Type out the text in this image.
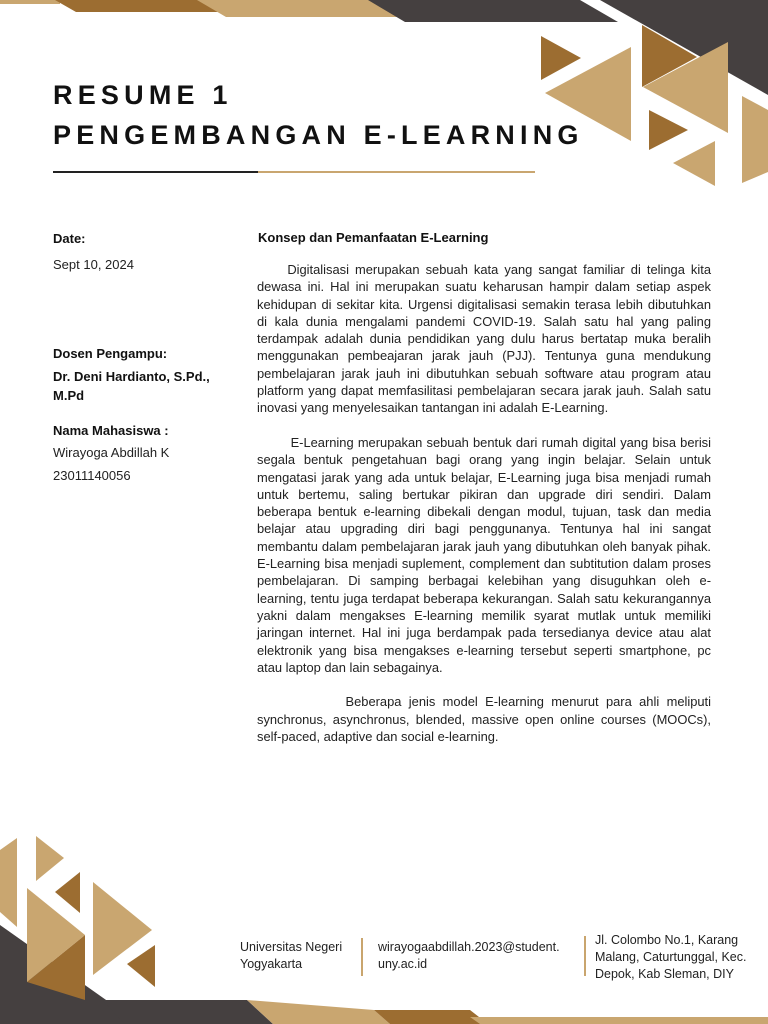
RESUME 1
PENGEMBANGAN E-LEARNING
Date:
Sept 10, 2024
Dosen Pengampu:
Dr. Deni Hardianto, S.Pd.,
M.Pd
Nama Mahasiswa :
Wirayoga Abdillah K
23011140056
Konsep dan Pemanfaatan E-Learning

Digitalisasi merupakan sebuah kata yang sangat familiar di telinga kita dewasa ini. Hal ini merupakan suatu keharusan hampir dalam setiap aspek kehidupan di sekitar kita. Urgensi digitalisasi semakin terasa lebih dibutuhkan di kala dunia mengalami pandemi COVID-19. Salah satu hal yang paling terdampak adalah dunia pendidikan yang dulu harus bertatap muka beralih menggunakan pembeajaran jarak jauh (PJJ). Tentunya guna mendukung pembelajaran jarak jauh ini dibutuhkan sebuah software atau program atau platform yang dapat memfasilitasi pembelajaran secara jarak jauh. Salah satu inovasi yang menyelesaikan tantangan ini adalah E-Learning.

E-Learning merupakan sebuah bentuk dari rumah digital yang bisa berisi segala bentuk pengetahuan bagi orang yang ingin belajar. Selain untuk mengatasi jarak yang ada untuk belajar, E-Learning juga bisa menjadi rumah untuk bertemu, saling bertukar pikiran dan upgrade diri sendiri. Dalam beberapa bentuk e-learning dibekali dengan modul, tujuan, task dan media belajar atau upgrading diri bagi penggunanya. Tentunya hal ini sangat membantu dalam pembelajaran jarak jauh yang dibutuhkan oleh banyak pihak. E-Learning bisa menjadi suplement, complement dan subtitution dalam proses pembelajaran. Di samping berbagai kelebihan yang disuguhkan oleh e-learning, tentu juga terdapat beberapa kekurangan. Salah satu kekurangannya yakni dalam mengakses E-learning memilik syarat mutlak untuk memiliki jaringan internet. Hal ini juga berdampak pada tersedianya device atau alat elektronik yang bisa mengakses e-learning tersebut seperti smartphone, pc atau laptop dan lain sebagainya.

Beberapa jenis model E-learning menurut para ahli meliputi synchronus, asynchronus, blended, massive open online courses (MOOCs), self-paced, adaptive dan social e-learning.

Universitas Negeri
Yogyakarta
wirayogaabdillah.2023@student.
uny.ac.id
Jl. Colombo No.1, Karang
Malang, Caturtunggal, Kec.
Depok, Kab Sleman, DIY
